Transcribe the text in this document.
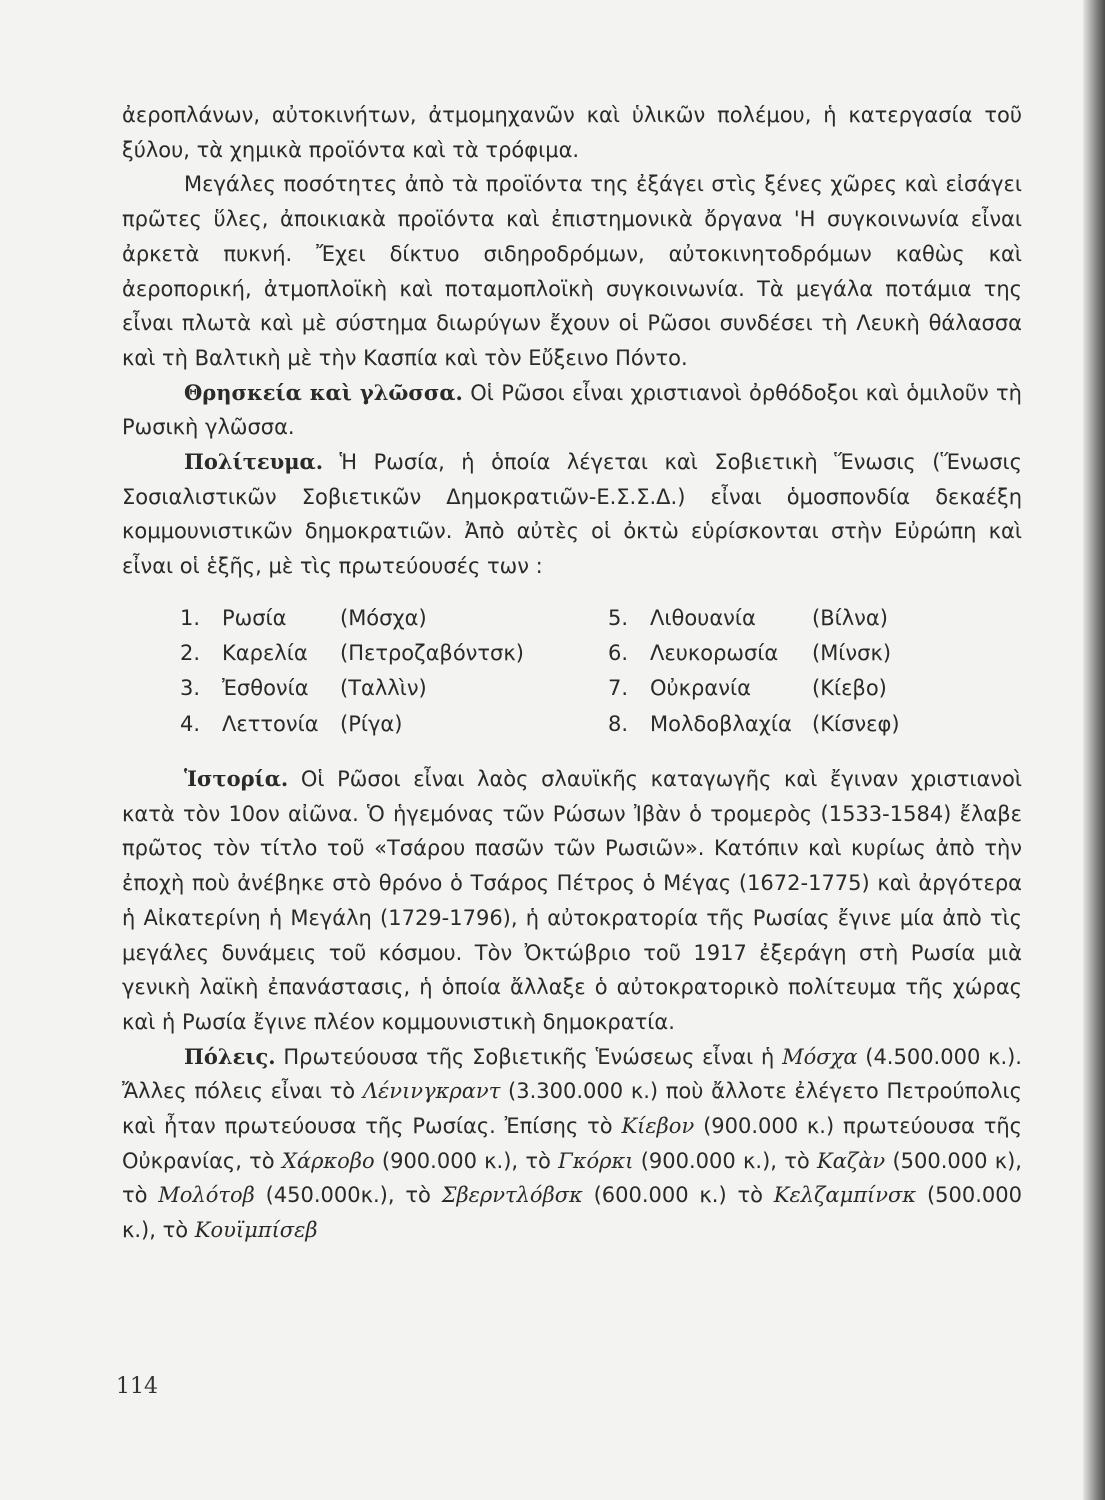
ἀεροπλάνων, αὐτοκινήτων, ἀτμομηχανῶν καὶ ὑλικῶν πολέμου, ἡ κατεργασία τοῦ ξύλου, τὰ χημικὰ προϊόντα καὶ τὰ τρόφιμα.

Μεγάλες ποσότητες ἀπὸ τὰ προϊόντα της ἐξάγει στὶς ξένες χῶρες καὶ εἰσάγει πρῶτες ὕλες, ἀποικιακὰ προϊόντα καὶ ἐπιστημονικὰ ὄργανα 'Η συγκοινωνία εἶναι ἀρκετὰ πυκνή. Ἔχει δίκτυο σιδηροδρόμων, αὐτοκινητοδρόμων καθὼς καὶ ἀεροπορική, ἀτμοπλοϊκὴ καὶ ποταμοπλοϊκὴ συγκοινωνία. Τὰ μεγάλα ποτάμια της εἶναι πλωτὰ καὶ μὲ σύστημα διωρύγων ἔχουν οἱ Ρῶσοι συνδέσει τὴ Λευκὴ θάλασσα καὶ τὴ Βαλτικὴ μὲ τὴν Κασπία καὶ τὸν Εὔξεινο Πόντο.

Θρησκεία καὶ γλῶσσα. Οἱ Ρῶσοι εἶναι χριστιανοὶ ὀρθόδοξοι καὶ ὁμιλοῦν τὴ Ρωσικὴ γλῶσσα.

Πολίτευμα. Ἡ Ρωσία, ἡ ὁποία λέγεται καὶ Σοβιετικὴ Ἕνωσις (Ἕνωσις Σοσιαλιστικῶν Σοβιετικῶν Δημοκρατιῶν-Ε.Σ.Σ.Δ.) εἶναι ὁμοσπονδία δεκαέξη κομμουνιστικῶν δημοκρατιῶν. Ἀπὸ αὐτὲς οἱ ὀκτὼ εὑρίσκονται στὴν Εὐρώπη καὶ εἶναι οἱ ἑξῆς, μὲ τὶς πρωτεύουσές των :

1. Ρωσία	(Μόσχα)
2. Καρελία (Πετροζαβόντσκ)
3. Ἐσθονία (Ταλλὶν)
4. Λεττονία (Ρίγα)
5. Λιθουανία	(Βίλνα)
6. Λευκορωσία (Μίνσκ)
7. Οὐκρανία	(Κίεβο)
8. Μολδοβλαχία (Κίσνεφ)

Ἱστορία. Οἱ Ρῶσοι εἶναι λαὸς σλαυϊκῆς καταγωγῆς καὶ ἔγιναν χριστιανοὶ κατὰ τὸν 10ον αἰῶνα. Ὁ ἡγεμόνας τῶν Ρώσων Ἰβὰν ὁ τρομερὸς (1533-1584) ἔλαβε πρῶτος τὸν τίτλο τοῦ «Τσάρου πασῶν τῶν Ρωσιῶν». Κατόπιν καὶ κυρίως ἀπὸ τὴν ἐποχὴ ποὺ ἀνέβηκε στὸ θρόνο ὁ Τσάρος Πέτρος ὁ Μέγας (1672-1775) καὶ ἀργότερα ἡ Αἰκατερίνη ἡ Μεγάλη (1729-1796), ἡ αὐτοκρατορία τῆς Ρωσίας ἔγινε μία ἀπὸ τὶς μεγάλες δυνάμεις τοῦ κόσμου. Τὸν Ὀκτώβριο τοῦ 1917 ἐξεράγη στὴ Ρωσία μιὰ γενικὴ λαϊκὴ ἐπανάστασις, ἡ ὁποία ἄλλαξε ὁ αὐτοκρατορικὸ πολίτευμα τῆς χώρας καὶ ἡ Ρωσία ἔγινε πλέον κομμουνιστικὴ δημοκρατία.

Πόλεις. Πρωτεύουσα τῆς Σοβιετικῆς Ἑνώσεως εἶναι ἡ Μόσχα (4.500.000 κ.). Ἄλλες πόλεις εἶναι τὸ Λένινγκραντ (3.300.000 κ.) ποὺ ἄλλοτε ἐλέγετο Πετρούπολις καὶ ἦταν πρωτεύουσα τῆς Ρωσίας. Ἐπίσης τὸ Κίεβον (900.000 κ.) πρωτεύουσα τῆς Οὐκρανίας, τὸ Χάρκοβο (900.000 κ.), τὸ Γκόρκι (900.000 κ.), τὸ Καζὰν (500.000 κ), τὸ Μολότοβ (450.000κ.), τὸ Σβερντλόβσκ (600.000 κ.) τὸ Κελζαμπίνσκ (500.000 κ.), τὸ Κουϊμπίσεβ

114
